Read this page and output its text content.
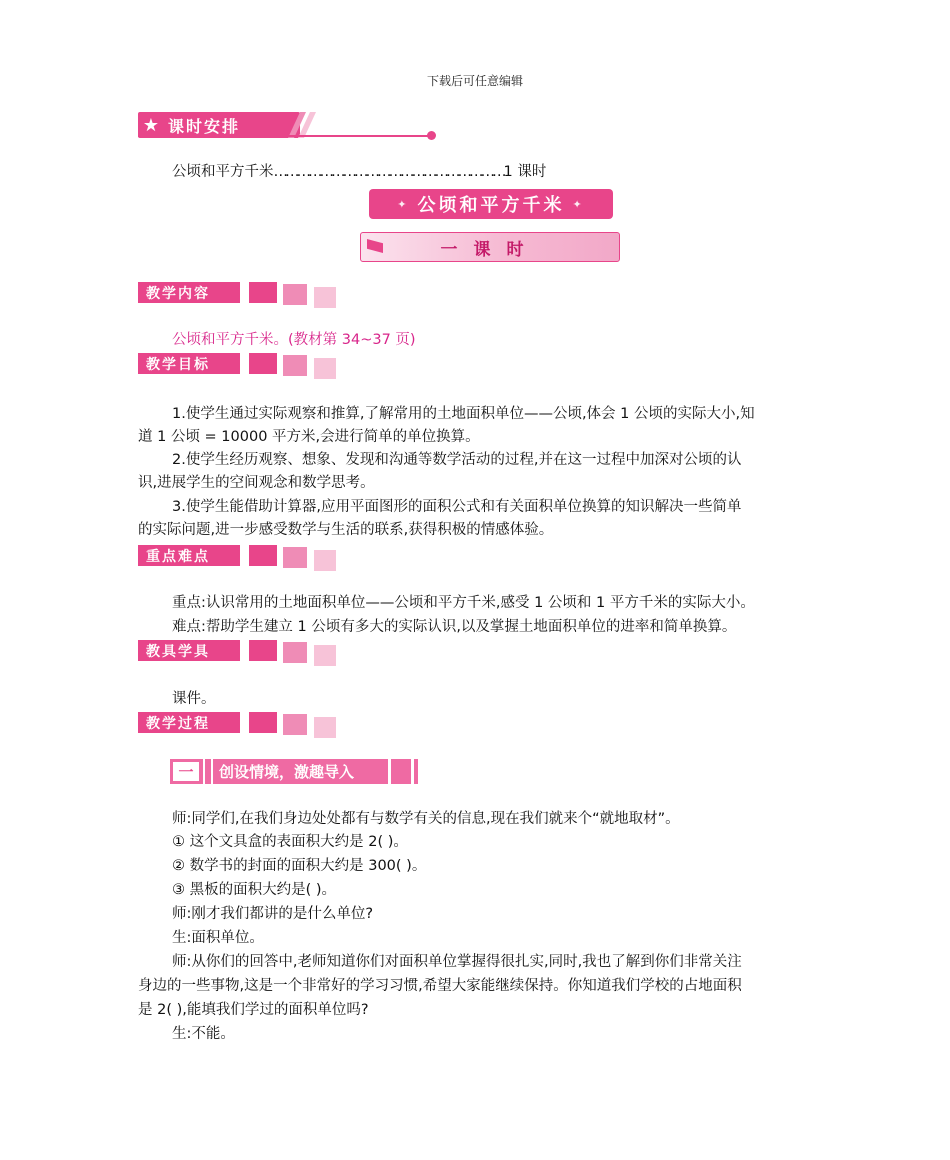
下载后可任意编辑
★ 课时安排
公顷和平方千米……………………………………………………1 课时
✦ 公顷和平方千米 ✦
一课时
教学内容
公顷和平方千米。(教材第 34~37 页)
教学目标
1.使学生通过实际观察和推算,了解常用的土地面积单位——公顷,体会 1 公顷的实际大小,知
道 1 公顷 = 10000 平方米,会进行简单的单位换算。
2.使学生经历观察、想象、发现和沟通等数学活动的过程,并在这一过程中加深对公顷的认
识,进展学生的空间观念和数学思考。
3.使学生能借助计算器,应用平面图形的面积公式和有关面积单位换算的知识解决一些简单
的实际问题,进一步感受数学与生活的联系,获得积极的情感体验。
重点难点
重点:认识常用的土地面积单位——公顷和平方千米,感受 1 公顷和 1 平方千米的实际大小。
难点:帮助学生建立 1 公顷有多大的实际认识,以及掌握土地面积单位的进率和简单换算。
教具学具
课件。
教学过程
一	创设情境，激趣导入
师:同学们,在我们身边处处都有与数学有关的信息,现在我们就来个“就地取材”。
① 这个文具盒的表面积大约是 2( )。
② 数学书的封面的面积大约是 300( )。
③ 黑板的面积大约是( )。
师:刚才我们都讲的是什么单位?
生:面积单位。
师:从你们的回答中,老师知道你们对面积单位掌握得很扎实,同时,我也了解到你们非常关注
身边的一些事物,这是一个非常好的学习习惯,希望大家能继续保持。你知道我们学校的占地面积
是 2( ),能填我们学过的面积单位吗?
生:不能。
